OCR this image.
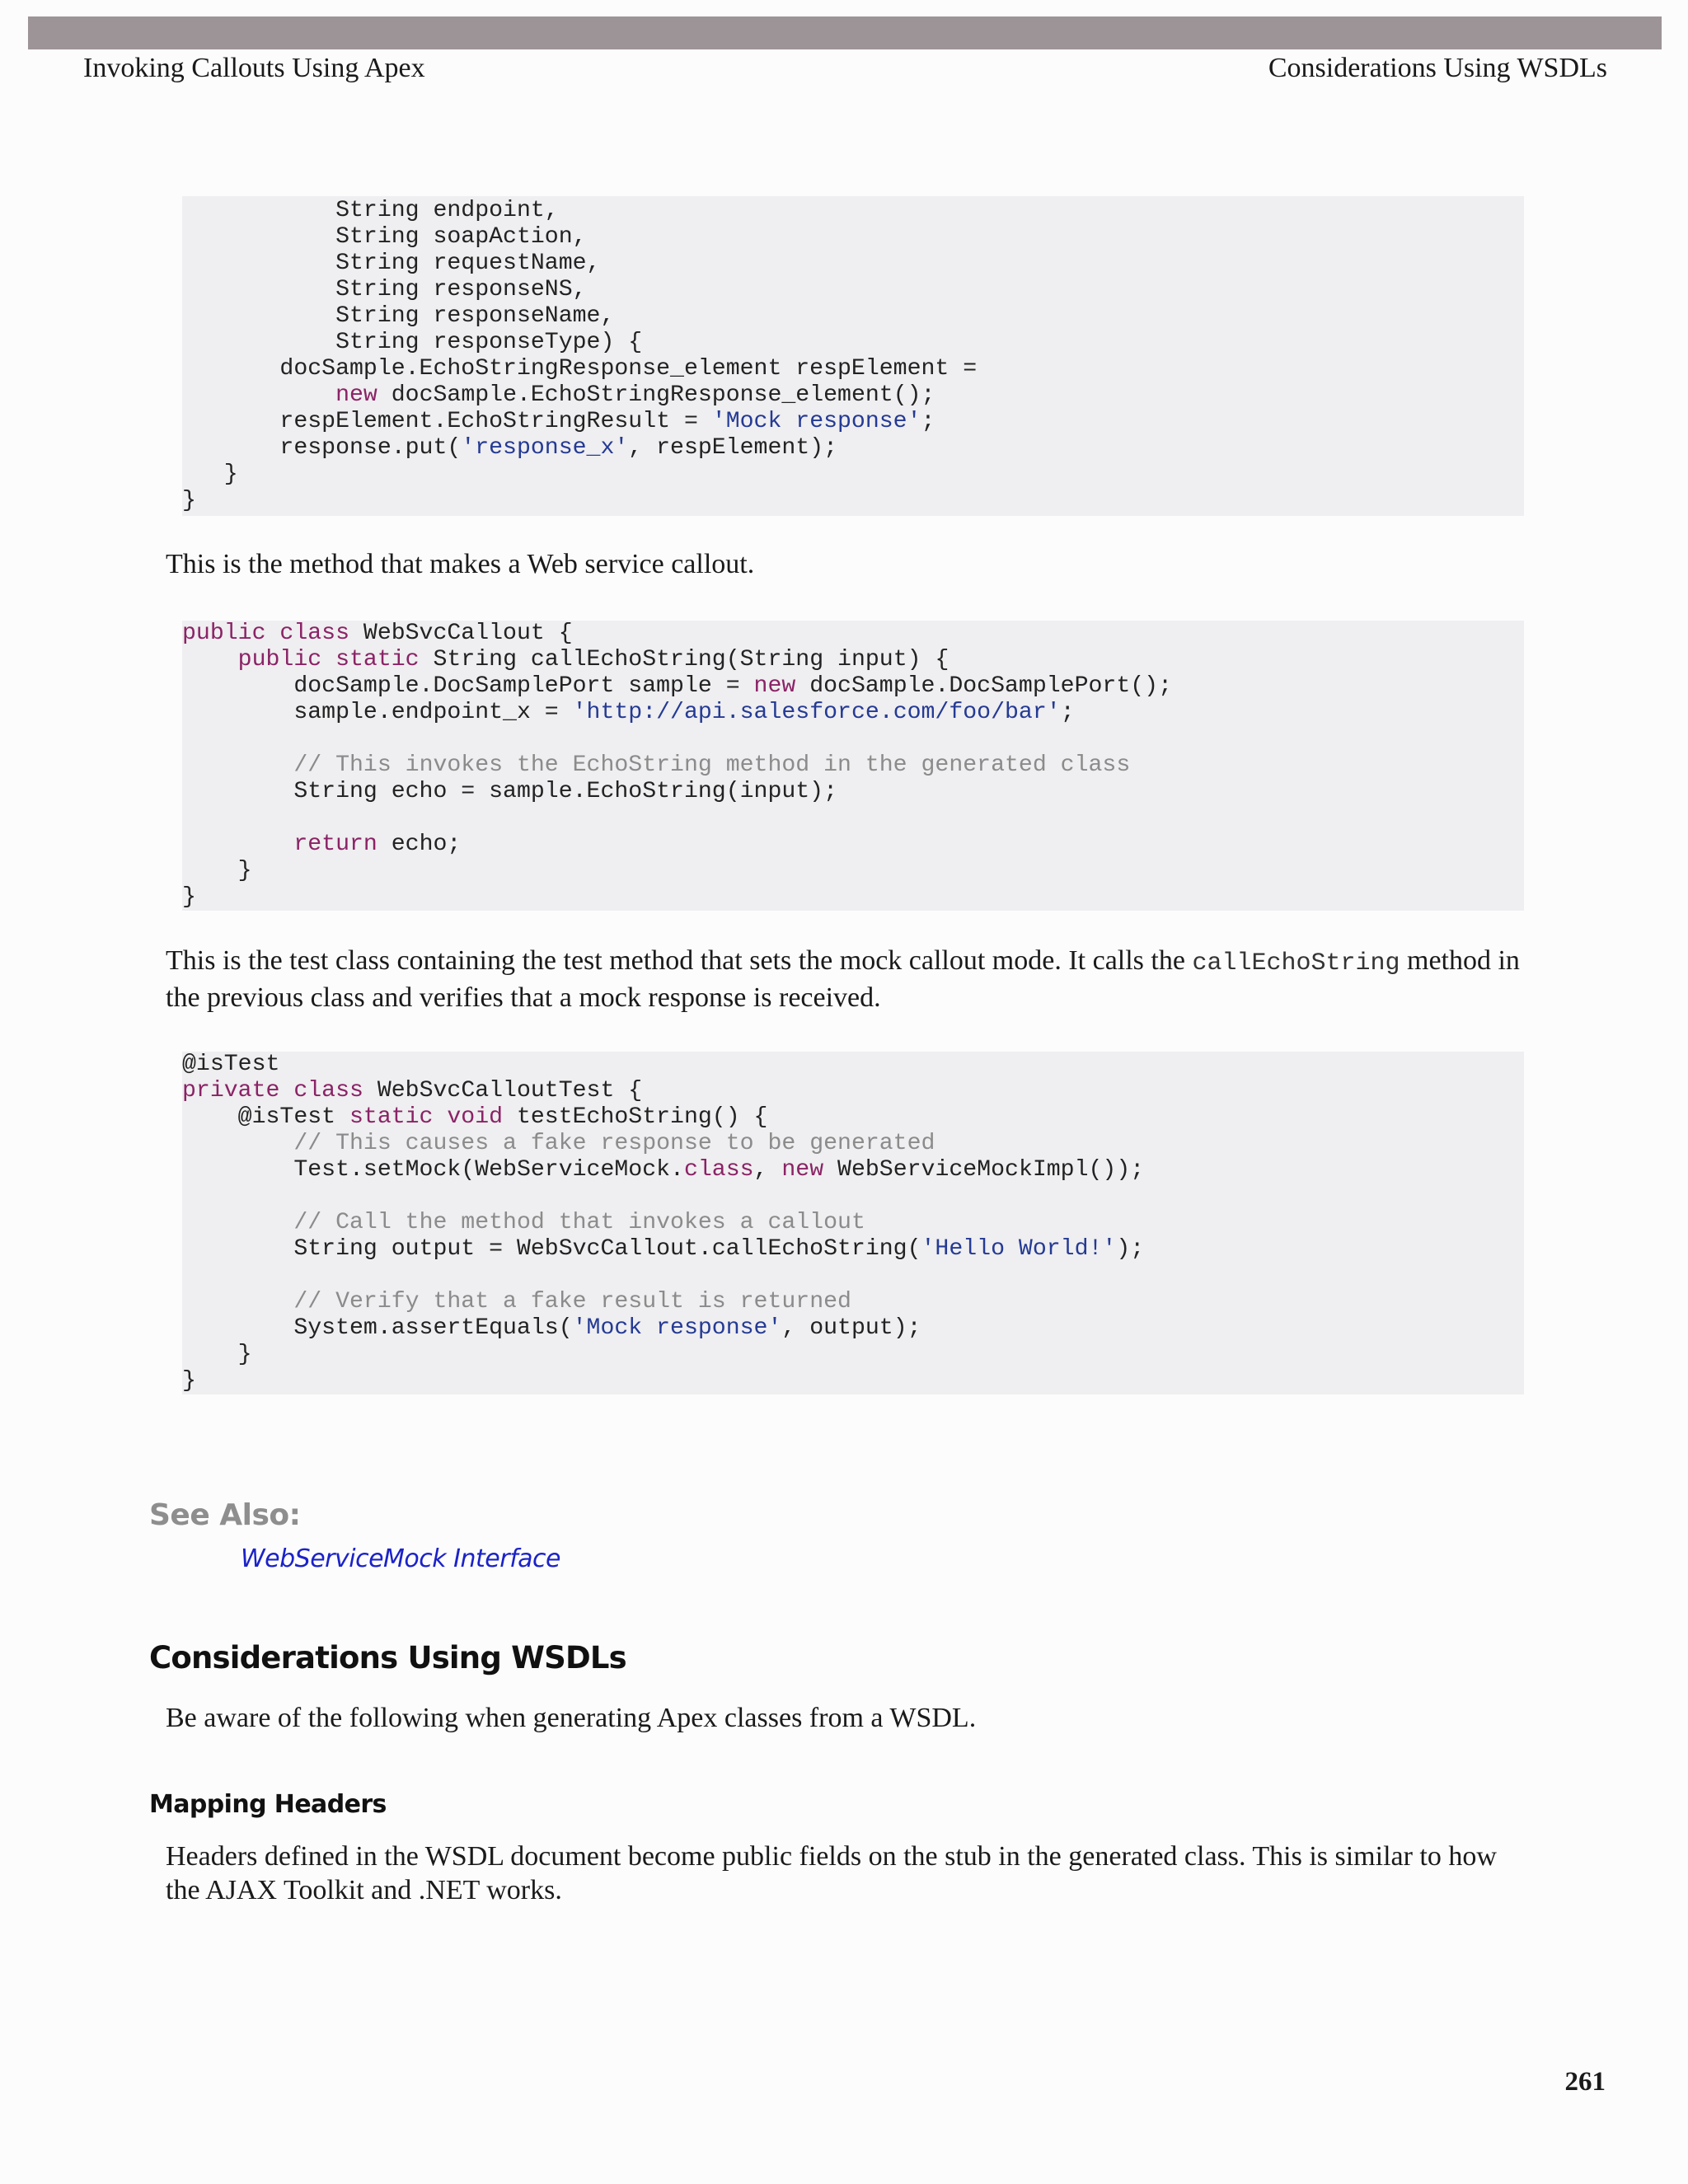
Invoking Callouts Using Apex	Considerations Using WSDLs
String endpoint,
String soapAction,
String requestName,
String responseNS,
String responseName,
String responseType) {
docSample.EchoStringResponse_element respElement =
new docSample.EchoStringResponse_element();
respElement.EchoStringResult = 'Mock response';
response.put('response_x', respElement);
}
}
This is the method that makes a Web service callout.
public class WebSvcCallout {
public static String callEchoString(String input) {
docSample.DocSamplePort sample = new docSample.DocSamplePort();
sample.endpoint_x = 'http://api.salesforce.com/foo/bar';
// This invokes the EchoString method in the generated class
String echo = sample.EchoString(input);
return echo;
}
}
This is the test class containing the test method that sets the mock callout mode. It calls the callEchoString method in the previous class and verifies that a mock response is received.
@isTest
private class WebSvcCalloutTest {
@isTest static void testEchoString() {
// This causes a fake response to be generated
Test.setMock(WebServiceMock.class, new WebServiceMockImpl());
// Call the method that invokes a callout
String output = WebSvcCallout.callEchoString('Hello World!');
// Verify that a fake result is returned
System.assertEquals('Mock response', output);
}
}
See Also:
WebServiceMock Interface
Considerations Using WSDLs
Be aware of the following when generating Apex classes from a WSDL.
Mapping Headers
Headers defined in the WSDL document become public fields on the stub in the generated class. This is similar to how the AJAX Toolkit and .NET works.
261
